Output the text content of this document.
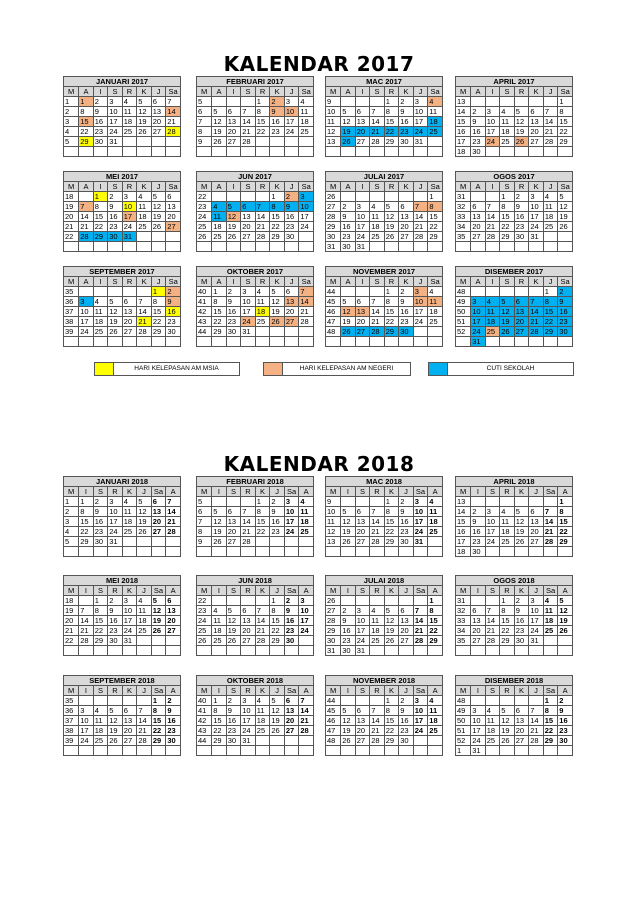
KALENDAR 2017
KALENDAR 2018
JANUARI 2017							
M	A	I	S	R	K	J	Sa
1	1	2	3	4	5	6	7
2	8	9	10	11	12	13	14
3	15	16	17	18	19	20	21
4	22	23	24	25	26	27	28
5	29	30	31				

FEBRUARI 2017							
M	A	I	S	R	K	J	Sa
5				1	2	3	4
6	5	6	7	8	9	10	11
7	12	13	14	15	16	17	18
8	19	20	21	22	23	24	25
9	26	27	28				

MAC 2017							
M	A	I	S	R	K	J	Sa
9				1	2	3	4
10	5	6	7	8	9	10	11
11	12	13	14	15	16	17	18
12	19	20	21	22	23	24	25
13	26	27	28	29	30	31	

APRIL 2017							
M	A	I	S	R	K	J	Sa
13							1
14	2	3	4	5	6	7	8
15	9	10	11	12	13	14	15
16	16	17	18	19	20	21	22
17	23	24	25	26	27	28	29
18	30						
MEI 2017							
M	A	I	S	R	K	J	Sa
18		1	2	3	4	5	6
19	7	8	9	10	11	12	13
20	14	15	16	17	18	19	20
21	21	22	23	24	25	26	27
22	28	29	30	31			

JUN 2017							
M	A	I	S	R	K	J	Sa
22					1	2	3
23	4	5	6	7	8	9	10
24	11	12	13	14	15	16	17
25	18	19	20	21	22	23	24
26	25	26	27	28	29	30	

JULAI 2017							
M	A	I	S	R	K	J	Sa
26							1
27	2	3	4	5	6	7	8
28	9	10	11	12	13	14	15
29	16	17	18	19	20	21	22
30	23	24	25	26	27	28	29
31	30	31					
OGOS 2017							
M	A	I	S	R	K	J	Sa
31			1	2	3	4	5
32	6	7	8	9	10	11	12
33	13	14	15	16	17	18	19
34	20	21	22	23	24	25	26
35	27	28	29	30	31		

SEPTEMBER 2017							
M	A	I	S	R	K	J	Sa
35						1	2
36	3	4	5	6	7	8	9
37	10	11	12	13	14	15	16
38	17	18	19	20	21	22	23
39	24	25	26	27	28	29	30

OKTOBER 2017							
M	A	I	S	R	K	J	Sa
40	1	2	3	4	5	6	7
41	8	9	10	11	12	13	14
42	15	16	17	18	19	20	21
43	22	23	24	25	26	27	28
44	29	30	31				

NOVEMBER 2017							
M	A	I	S	R	K	J	Sa
44				1	2	3	4
45	5	6	7	8	9	10	11
46	12	13	14	15	16	17	18
47	19	20	21	22	23	24	25
48	26	27	28	29	30		

DISEMBER 2017							
M	A	I	S	R	K	J	Sa
48						1	2
49	3	4	5	6	7	8	9
50	10	11	12	13	14	15	16
51	17	18	19	20	21	22	23
52	24	25	26	27	28	29	30
	31						
JANUARI 2018							
M	I	S	R	K	J	Sa	A
1	1	2	3	4	5	6	7
2	8	9	10	11	12	13	14
3	15	16	17	18	19	20	21
4	22	23	24	25	26	27	28
5	29	30	31				

FEBRUARI 2018							
M	I	S	R	K	J	Sa	A
5				1	2	3	4
6	5	6	7	8	9	10	11
7	12	13	14	15	16	17	18
8	19	20	21	22	23	24	25
9	26	27	28				

MAC 2018							
M	I	S	R	K	J	Sa	A
9				1	2	3	4
10	5	6	7	8	9	10	11
11	12	13	14	15	16	17	18
12	19	20	21	22	23	24	25
13	26	27	28	29	30	31	

APRIL 2018							
M	I	S	R	K	J	Sa	A
13							1
14	2	3	4	5	6	7	8
15	9	10	11	12	13	14	15
16	16	17	18	19	20	21	22
17	23	24	25	26	27	28	29
18	30						
MEI 2018							
M	I	S	R	K	J	Sa	A
18		1	2	3	4	5	6
19	7	8	9	10	11	12	13
20	14	15	16	17	18	19	20
21	21	22	23	24	25	26	27
22	28	29	30	31			

JUN 2018							
M	I	S	R	K	J	Sa	A
22					1	2	3
23	4	5	6	7	8	9	10
24	11	12	13	14	15	16	17
25	18	19	20	21	22	23	24
26	25	26	27	28	29	30	

JULAI 2018							
M	I	S	R	K	J	Sa	A
26							1
27	2	3	4	5	6	7	8
28	9	10	11	12	13	14	15
29	16	17	18	19	20	21	22
30	23	24	25	26	27	28	29
31	30	31					
OGOS 2018							
M	I	S	R	K	J	Sa	A
31			1	2	3	4	5
32	6	7	8	9	10	11	12
33	13	14	15	16	17	18	19
34	20	21	22	23	24	25	26
35	27	28	29	30	31		

SEPTEMBER 2018							
M	I	S	R	K	J	Sa	A
35						1	2
36	3	4	5	6	7	8	9
37	10	11	12	13	14	15	16
38	17	18	19	20	21	22	23
39	24	25	26	27	28	29	30

OKTOBER 2018							
M	I	S	R	K	J	Sa	A
40	1	2	3	4	5	6	7
41	8	9	10	11	12	13	14
42	15	16	17	18	19	20	21
43	22	23	24	25	26	27	28
44	29	30	31				

NOVEMBER 2018							
M	I	S	R	K	J	Sa	A
44				1	2	3	4
45	5	6	7	8	9	10	11
46	12	13	14	15	16	17	18
47	19	20	21	22	23	24	25
48	26	27	28	29	30		

DISEMBER 2018							
M	I	S	R	K	J	Sa	A
48						1	2
49	3	4	5	6	7	8	9
50	10	11	12	13	14	15	16
51	17	18	19	20	21	22	23
52	24	25	26	27	28	29	30
1	31						
HARI KELEPASAN AM MSIA	HARI KELEPASAN AM NEGERI	CUTI SEKOLAH
